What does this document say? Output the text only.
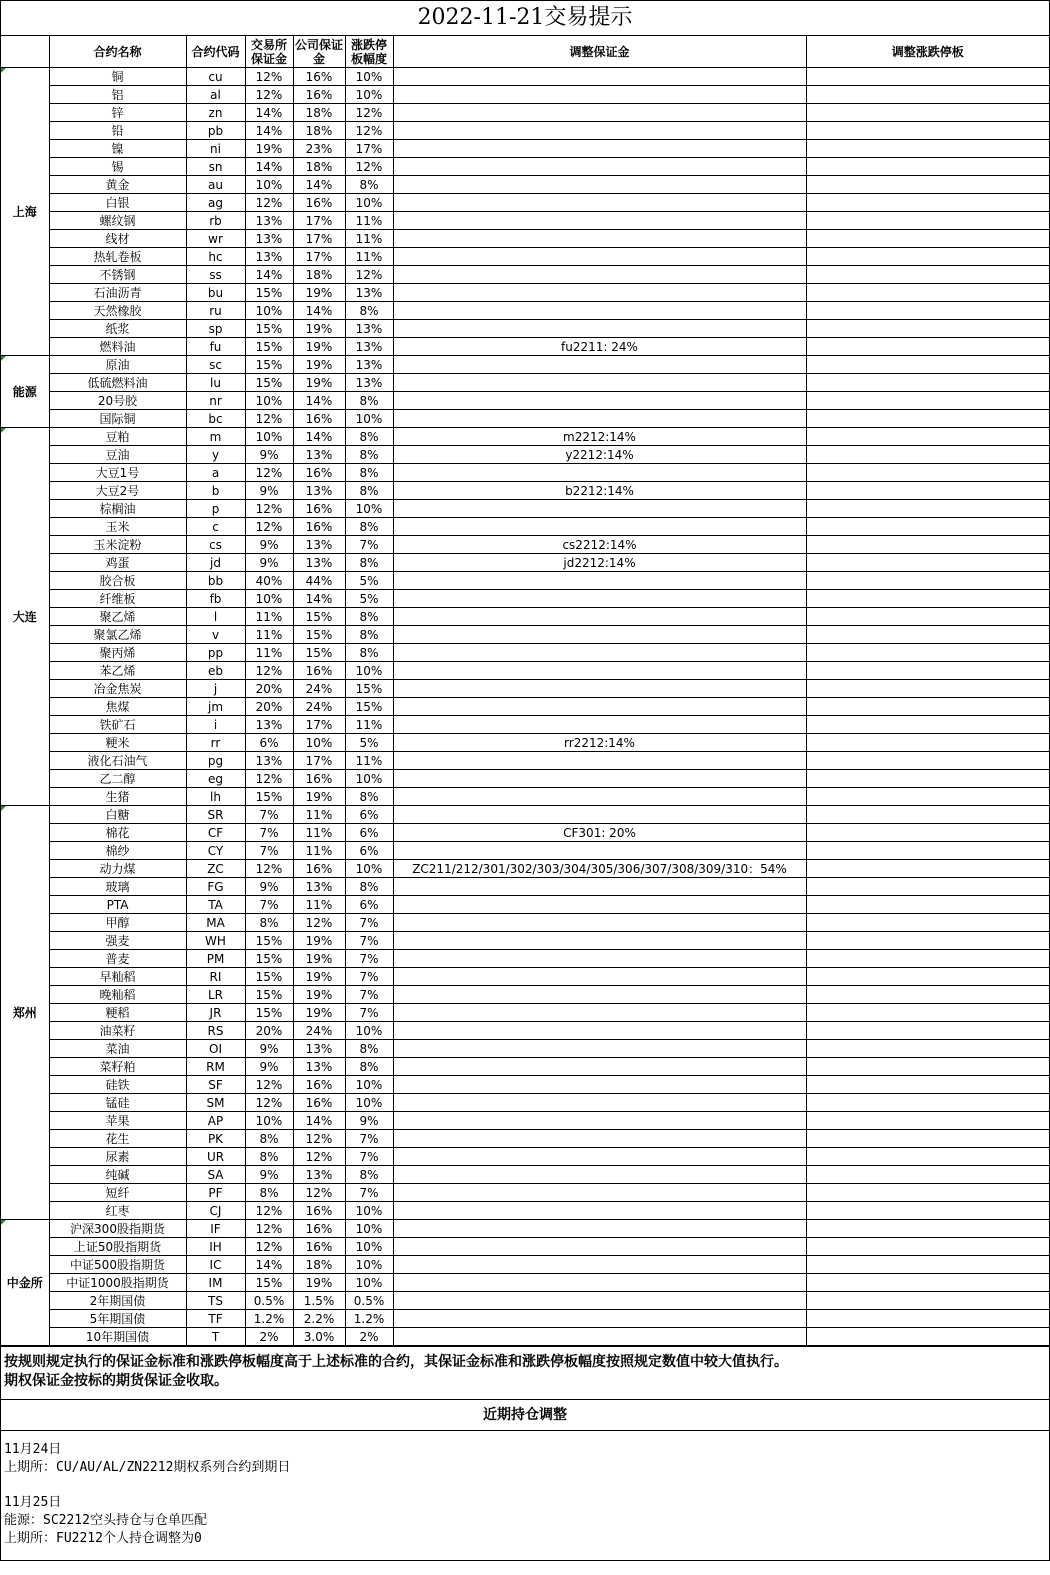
2022-11-21交易提示
	合约名称	合约代码	交易所保证金	公司保证金	涨跌停板幅度	调整保证金	调整涨跌停板
上海	铜	cu	12%	16%	10%		
	铝	al	12%	16%	10%		
	锌	zn	14%	18%	12%		
	铅	pb	14%	18%	12%		
	镍	ni	19%	23%	17%		
	锡	sn	14%	18%	12%		
	黄金	au	10%	14%	8%		
	白银	ag	12%	16%	10%		
	螺纹钢	rb	13%	17%	11%		
	线材	wr	13%	17%	11%		
	热轧卷板	hc	13%	17%	11%		
	不锈钢	ss	14%	18%	12%		
	石油沥青	bu	15%	19%	13%		
	天然橡胶	ru	10%	14%	8%		
	纸浆	sp	15%	19%	13%		
	燃料油	fu	15%	19%	13%	fu2211: 24%	
能源	原油	sc	15%	19%	13%		
	低硫燃料油	lu	15%	19%	13%		
	20号胶	nr	10%	14%	8%		
	国际铜	bc	12%	16%	10%		
大连	豆粕	m	10%	14%	8%	m2212:14%	
	豆油	y	9%	13%	8%	y2212:14%	
	大豆1号	a	12%	16%	8%		
	大豆2号	b	9%	13%	8%	b2212:14%	
	棕榈油	p	12%	16%	10%		
	玉米	c	12%	16%	8%		
	玉米淀粉	cs	9%	13%	7%	cs2212:14%	
	鸡蛋	jd	9%	13%	8%	jd2212:14%	
	胶合板	bb	40%	44%	5%		
	纤维板	fb	10%	14%	5%		
	聚乙烯	l	11%	15%	8%		
	聚氯乙烯	v	11%	15%	8%		
	聚丙烯	pp	11%	15%	8%		
	苯乙烯	eb	12%	16%	10%		
	冶金焦炭	j	20%	24%	15%		
	焦煤	jm	20%	24%	15%		
	铁矿石	i	13%	17%	11%		
	粳米	rr	6%	10%	5%	rr2212:14%	
	液化石油气	pg	13%	17%	11%		
	乙二醇	eg	12%	16%	10%		
	生猪	lh	15%	19%	8%		
郑州	白糖	SR	7%	11%	6%		
	棉花	CF	7%	11%	6%	CF301: 20%	
	棉纱	CY	7%	11%	6%		
	动力煤	ZC	12%	16%	10%	ZC211/212/301/302/303/304/305/306/307/308/309/310：54%	
	玻璃	FG	9%	13%	8%		
	PTA	TA	7%	11%	6%		
	甲醇	MA	8%	12%	7%		
	强麦	WH	15%	19%	7%		
	普麦	PM	15%	19%	7%		
	早籼稻	RI	15%	19%	7%		
	晚籼稻	LR	15%	19%	7%		
	粳稻	JR	15%	19%	7%		
	油菜籽	RS	20%	24%	10%		
	菜油	OI	9%	13%	8%		
	菜籽粕	RM	9%	13%	8%		
	硅铁	SF	12%	16%	10%		
	锰硅	SM	12%	16%	10%		
	苹果	AP	10%	14%	9%		
	花生	PK	8%	12%	7%		
	尿素	UR	8%	12%	7%		
	纯碱	SA	9%	13%	8%		
	短纤	PF	8%	12%	7%		
	红枣	CJ	12%	16%	10%		
中金所	沪深300股指期货	IF	12%	16%	10%		
	上证50股指期货	IH	12%	16%	10%		
	中证500股指期货	IC	14%	18%	10%		
	中证1000股指期货	IM	15%	19%	10%		
	2年期国债	TS	0.5%	1.5%	0.5%		
	5年期国债	TF	1.2%	2.2%	1.2%		
	10年期国债	T	2%	3.0%	2%		
按规则规定执行的保证金标准和涨跌停板幅度高于上述标准的合约，其保证金标准和涨跌停板幅度按照规定数值中较大值执行。
期权保证金按标的期货保证金收取。
近期持仓调整
11月24日
上期所：CU/AU/AL/ZN2212期权系列合约到期日
11月25日
能源：SC2212空头持仓与仓单匹配
上期所：FU2212个人持仓调整为0
